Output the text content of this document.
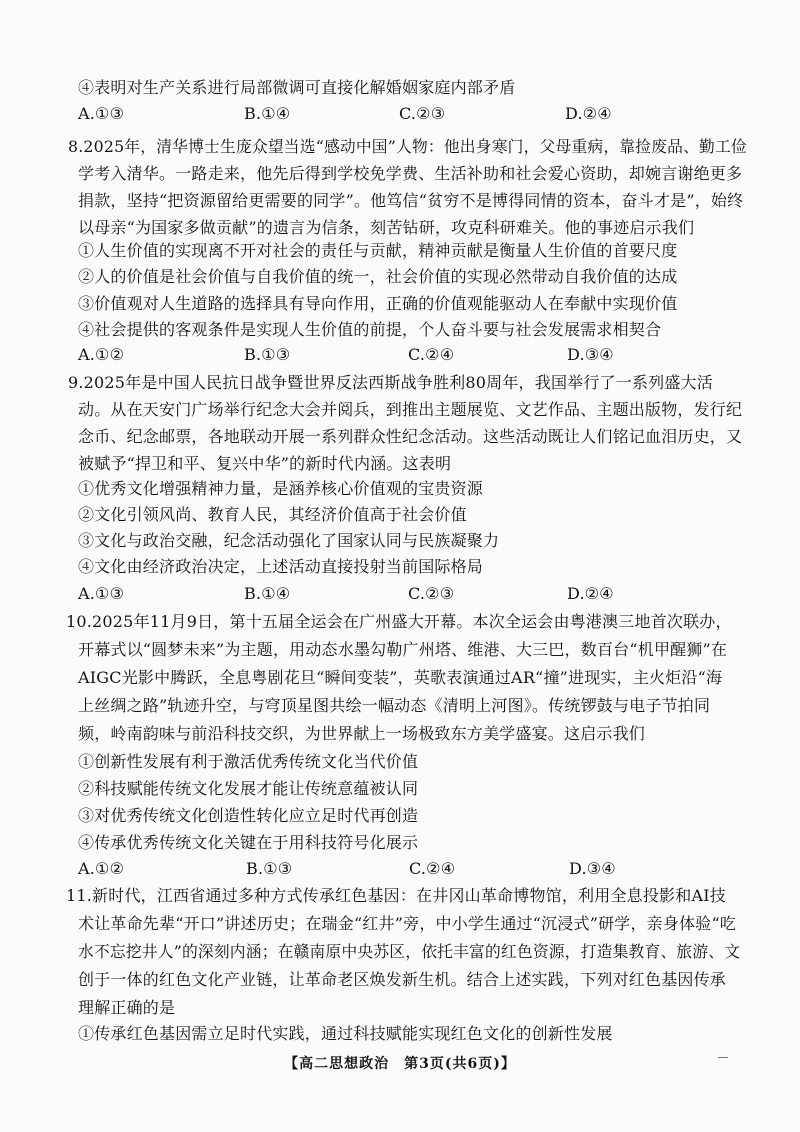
④表明对生产关系进行局部微调可直接化解婚姻家庭内部矛盾
A.①③	B.①④	C.②③	D.②④
8.2025年，清华博士生庞众望当选“感动中国”人物：他出身寒门，父母重病，靠捡废品、勤工俭
学考入清华。一路走来，他先后得到学校免学费、生活补助和社会爱心资助，却婉言谢绝更多
捐款，坚持“把资源留给更需要的同学”。他笃信“贫穷不是博得同情的资本，奋斗才是”，始终
以母亲“为国家多做贡献”的遗言为信条，刻苦钻研，攻克科研难关。他的事迹启示我们
①人生价值的实现离不开对社会的责任与贡献，精神贡献是衡量人生价值的首要尺度
②人的价值是社会价值与自我价值的统一，社会价值的实现必然带动自我价值的达成
③价值观对人生道路的选择具有导向作用，正确的价值观能驱动人在奉献中实现价值
④社会提供的客观条件是实现人生价值的前提，个人奋斗要与社会发展需求相契合
A.①②	B.①③	C.②④	D.③④
9.2025年是中国人民抗日战争暨世界反法西斯战争胜利80周年，我国举行了一系列盛大活
动。从在天安门广场举行纪念大会并阅兵，到推出主题展览、文艺作品、主题出版物，发行纪
念币、纪念邮票，各地联动开展一系列群众性纪念活动。这些活动既让人们铭记血泪历史，又
被赋予“捍卫和平、复兴中华”的新时代内涵。这表明
①优秀文化增强精神力量，是涵养核心价值观的宝贵资源
②文化引领风尚、教育人民，其经济价值高于社会价值
③文化与政治交融，纪念活动强化了国家认同与民族凝聚力
④文化由经济政治决定，上述活动直接投射当前国际格局
A.①③	B.①④	C.②③	D.②④
10.2025年11月9日，第十五届全运会在广州盛大开幕。本次全运会由粤港澳三地首次联办，
开幕式以“圆梦未来”为主题，用动态水墨勾勒广州塔、维港、大三巴，数百台“机甲醒狮”在
AIGC光影中腾跃，全息粤剧花旦“瞬间变装”，英歌表演通过AR“撞”进现实，主火炬沿“海
上丝绸之路”轨迹升空，与穹顶星图共绘一幅动态《清明上河图》。传统锣鼓与电子节拍同
频，岭南韵味与前沿科技交织，为世界献上一场极致东方美学盛宴。这启示我们
①创新性发展有利于激活优秀传统文化当代价值
②科技赋能传统文化发展才能让传统意蕴被认同
③对优秀传统文化创造性转化应立足时代再创造
④传承优秀传统文化关键在于用科技符号化展示
A.①②	B.①③	C.②④	D.③④
11.新时代，江西省通过多种方式传承红色基因：在井冈山革命博物馆，利用全息投影和AI技
术让革命先辈“开口”讲述历史；在瑞金“红井”旁，中小学生通过“沉浸式”研学，亲身体验“吃
水不忘挖井人”的深刻内涵；在赣南原中央苏区，依托丰富的红色资源，打造集教育、旅游、文
创于一体的红色文化产业链，让革命老区焕发新生机。结合上述实践，下列对红色基因传承
理解正确的是
①传承红色基因需立足时代实践，通过科技赋能实现红色文化的创新性发展
【高二思想政治　第3页(共6页)】
